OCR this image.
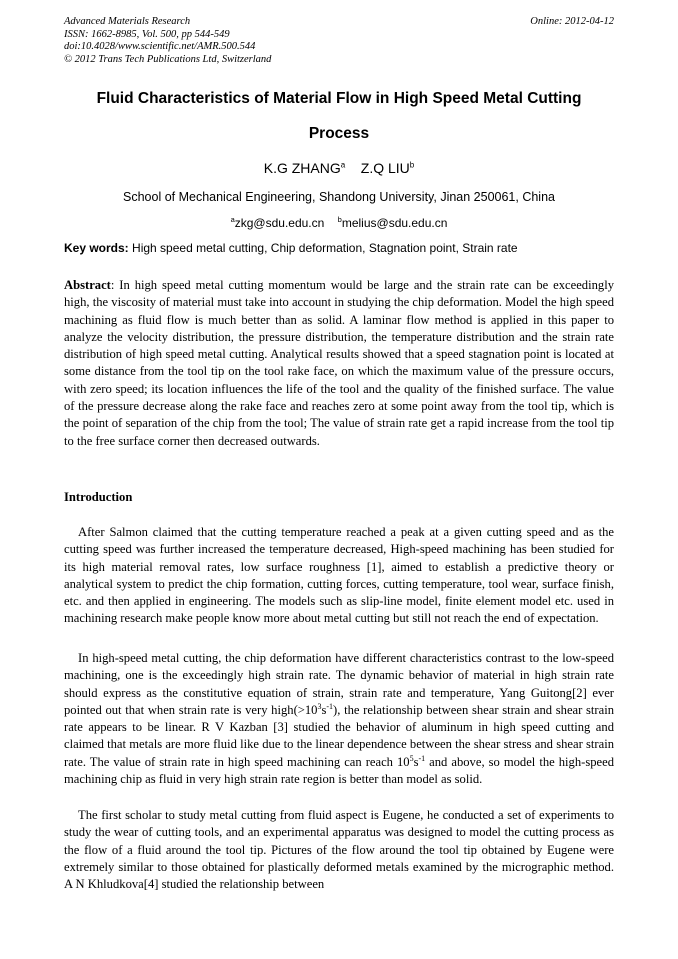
Advanced Materials Research
ISSN: 1662-8985, Vol. 500, pp 544-549
doi:10.4028/www.scientific.net/AMR.500.544
© 2012 Trans Tech Publications Ltd, Switzerland
Online: 2012-04-12
Fluid Characteristics of Material Flow in High Speed Metal Cutting
Process
K.G ZHANG$^a$ Z.Q LIU$^b$
School of Mechanical Engineering, Shandong University, Jinan 250061, China
$^a$zkg@sdu.edu.cn $^b$melius@sdu.edu.cn
Key words: High speed metal cutting, Chip deformation, Stagnation point, Strain rate
Abstract: In high speed metal cutting momentum would be large and the strain rate can be exceedingly high, the viscosity of material must take into account in studying the chip deformation. Model the high speed machining as fluid flow is much better than as solid. A laminar flow method is applied in this paper to analyze the velocity distribution, the pressure distribution, the temperature distribution and the strain rate distribution of high speed metal cutting. Analytical results showed that a speed stagnation point is located at some distance from the tool tip on the tool rake face, on which the maximum value of the pressure occurs, with zero speed; its location influences the life of the tool and the quality of the finished surface. The value of the pressure decrease along the rake face and reaches zero at some point away from the tool tip, which is the point of separation of the chip from the tool; The value of strain rate get a rapid increase from the tool tip to the free surface corner then decreased outwards.
Introduction
After Salmon claimed that the cutting temperature reached a peak at a given cutting speed and as the cutting speed was further increased the temperature decreased, High-speed machining has been studied for its high material removal rates, low surface roughness [1], aimed to establish a predictive theory or analytical system to predict the chip formation, cutting forces, cutting temperature, tool wear, surface finish, etc. and then applied in engineering. The models such as slip-line model, finite element model etc. used in machining research make people know more about metal cutting but still not reach the end of expectation.
In high-speed metal cutting, the chip deformation have different characteristics contrast to the low-speed machining, one is the exceedingly high strain rate. The dynamic behavior of material in high strain rate should express as the constitutive equation of strain, strain rate and temperature, Yang Guitong[2] ever pointed out that when strain rate is very $high(>10^3s^{-1})$, the relationship between shear strain and shear strain rate appears to be linear. R V Kazban [3] studied the behavior of aluminum in high speed cutting and claimed that metals are more fluid like due to the linear dependence between the shear stress and shear strain rate. The value of strain rate in high speed machining can reach $10^5s^{-1}$ and above, so model the high-speed machining chip as fluid in very high strain rate region is better than model as solid.
The first scholar to study metal cutting from fluid aspect is Eugene, he conducted a set of experiments to study the wear of cutting tools, and an experimental apparatus was designed to model the cutting process as the flow of a fluid around the tool tip. Pictures of the flow around the tool tip obtained by Eugene were extremely similar to those obtained for plastically deformed metals examined by the micrographic method. A N Khludkova[4] studied the relationship between
